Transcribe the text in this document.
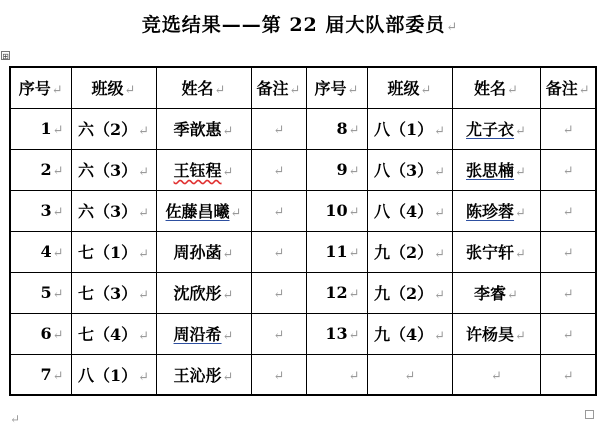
竞选结果——第 22 届大队部委员↵
⊞
序号↵	班级↵	姓名↵	备注↵	序号↵	班级↵	姓名↵	备注↵
1↵	六（2）↵	季歆惠↵	↵	8↵	八（1）↵	尤子衣↵	↵
2↵	六（3）↵	王钰程↵	↵	9↵	八（3）↵	张思楠↵	↵
3↵	六（3）↵	佐藤昌曦↵	↵	10↵	八（4）↵	陈珍蓉↵	↵
4↵	七（1）↵	周孙菡↵	↵	11↵	九（2）↵	张宁轩↵	↵
5↵	七（3）↵	沈欣彤↵	↵	12↵	九（2）↵	李睿↵	↵
6↵	七（4）↵	周沿希↵	↵	13↵	九（4）↵	许杨昊↵	↵
7↵	八（1）↵	王沁彤↵	↵	↵	↵	↵	↵
↵
